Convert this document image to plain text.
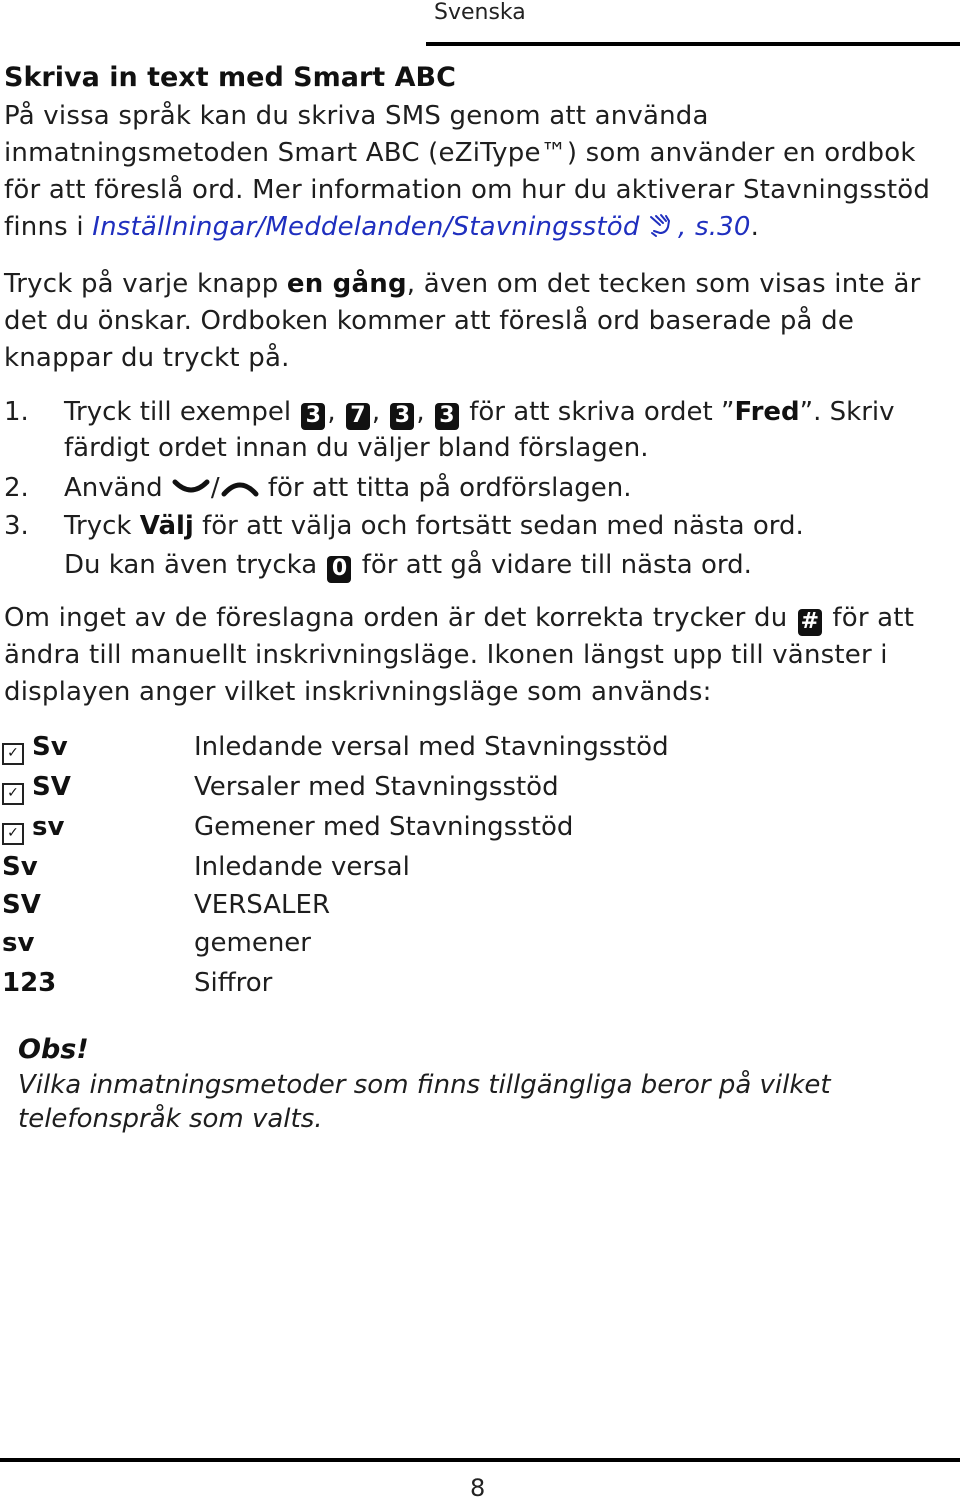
Svenska
Skriva in text med Smart ABC
På vissa språk kan du skriva SMS genom att använda inmatningsmetoden Smart ABC (eZiType™) som använder en ordbok för att föreslå ord. Mer information om hur du aktiverar Stavningsstöd finns i Inställningar/Meddelanden/Stavningsstöd , s.30.
Tryck på varje knapp en gång, även om det tecken som visas inte är det du önskar. Ordboken kommer att föreslå ord baserade på de knappar du tryckt på.
1. Tryck till exempel 3 , 7 , 3 , 3 för att skriva ordet ”Fred”. Skriv
färdigt ordet innan du väljer bland förslagen.
2. Använd / för att titta på ordförslagen.
3. Tryck Välj för att välja och fortsätt sedan med nästa ord.
Du kan även trycka 0 för att gå vidare till nästa ord.
Om inget av de föreslagna orden är det korrekta trycker du # för att ändra till manuellt inskrivningsläge. Ikonen längst upp till vänster i displayen anger vilket inskrivningsläge som används:
✓ Sv	Inledande versal med Stavningsstöd
✓ SV	Versaler med Stavningsstöd
✓ sv	Gemener med Stavningsstöd
Sv	Inledande versal
SV	VERSALER
sv	gemener
123	Siffror
Obs!
Vilka inmatningsmetoder som finns tillgängliga beror på vilket telefonspråk som valts.
8
